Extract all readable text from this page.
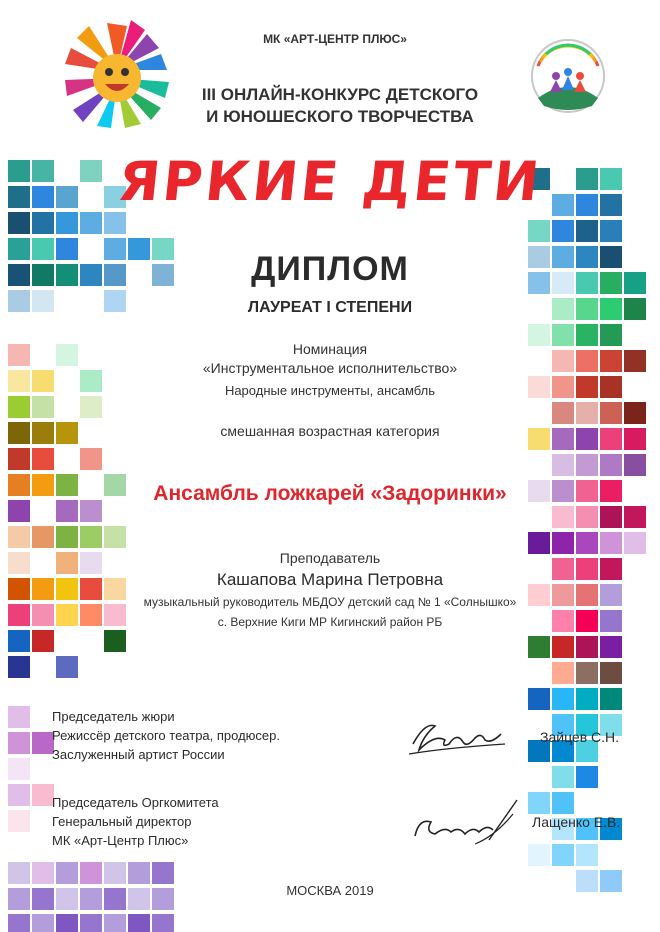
МК «АРТ-ЦЕНТР ПЛЮС»
III ОНЛАЙН-КОНКУРС ДЕТСКОГО
И ЮНОШЕСКОГО ТВОРЧЕСТВА
ЯРКИЕ ДЕТИ
ДИПЛОМ
ЛАУРЕАТ I СТЕПЕНИ
Номинация
«Инструментальное исполнительство»
Народные инструменты, ансамбль
смешанная возрастная категория
Ансамбль ложкарей «Задоринки»
Преподаватель
Кашапова Марина Петровна
музыкальный руководитель МБДОУ детский сад № 1 «Солнышко»
с. Верхние Киги МР Кигинский район РБ
Председатель жюри
Режиссёр детского театра, продюсер.
Заслуженный артист России
Зайцев С.Н.
Председатель Оргкомитета
Генеральный директор
МК «Арт-Центр Плюс»
Лащенко Е.В.
МОСКВА 2019
